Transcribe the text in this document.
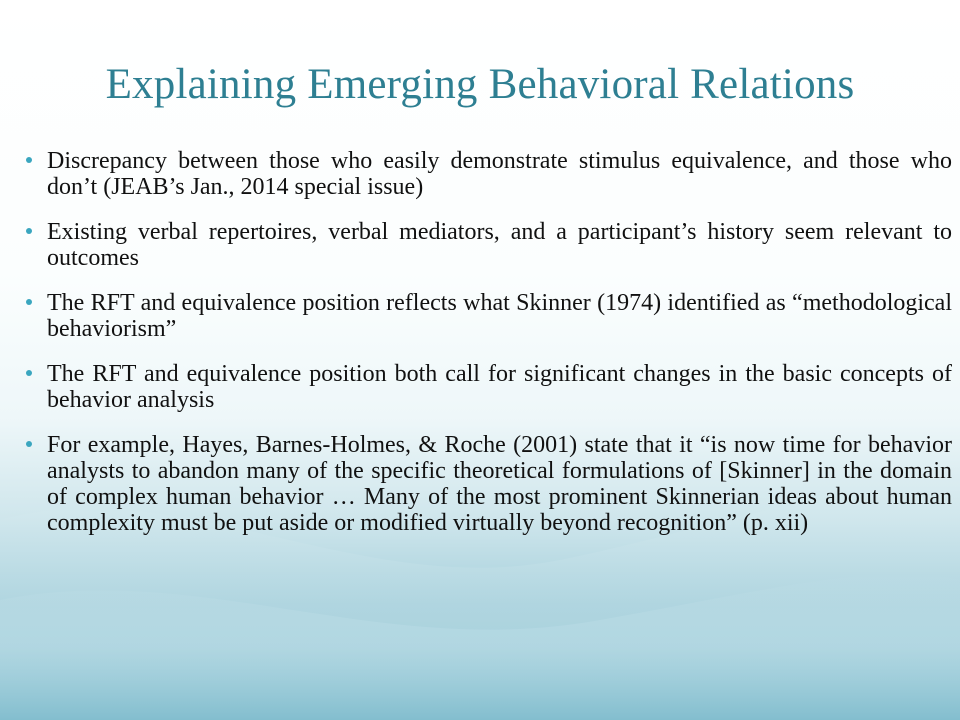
Explaining Emerging Behavioral Relations
Discrepancy between those who easily demonstrate stimulus equivalence, and those who don’t (JEAB’s Jan., 2014 special issue)
Existing verbal repertoires, verbal mediators, and a participant’s history seem relevant to outcomes
The RFT and equivalence position reflects what Skinner (1974) identified as “methodological behaviorism”
The RFT and equivalence position both call for significant changes in the basic concepts of behavior analysis
For example, Hayes, Barnes-Holmes, & Roche (2001) state that it “is now time for behavior analysts to abandon many of the specific theoretical formulations of [Skinner] in the domain of complex human behavior … Many of the most prominent Skinnerian ideas about human complexity must be put aside or modified virtually beyond recognition” (p. xii)
